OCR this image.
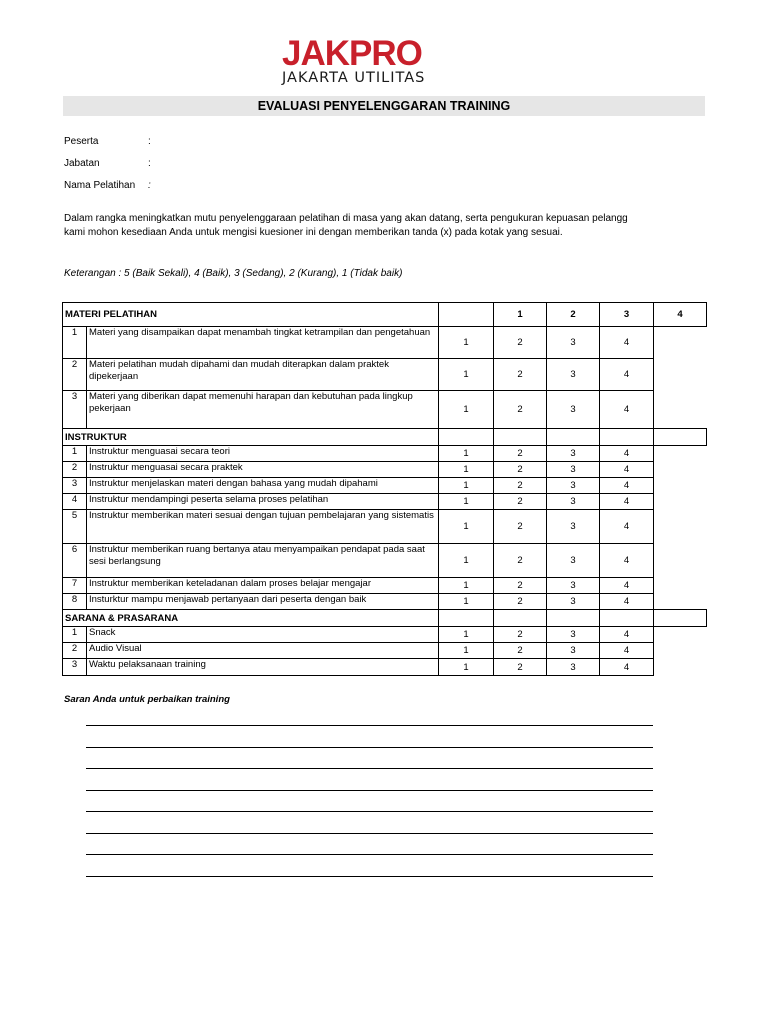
JAKPRO
JAKARTA UTILITAS
EVALUASI PENYELENGGARAN TRAINING
Peserta	:
Jabatan	:
Nama Pelatihan :
Dalam rangka meningkatkan mutu penyelenggaraan pelatihan di masa yang akan datang, serta pengukuran kepuasan pelangg
kami mohon kesediaan Anda untuk mengisi kuesioner ini dengan memberikan tanda (x) pada kotak yang sesuai.
Keterangan : 5 (Baik Sekali), 4 (Baik), 3 (Sedang), 2 (Kurang), 1 (Tidak baik)
MATERI PELATIHAN			1	2	3	4
1	Materi yang disampaikan dapat menambah tingkat ketrampilan dan pengetahuan	1	2	3	4	
2	Materi pelatihan mudah dipahami dan mudah diterapkan dalam praktek dipekerjaan	1	2	3	4	
3	Materi yang diberikan dapat memenuhi harapan dan kebutuhan pada lingkup pekerjaan	1	2	3	4	
INSTRUKTUR						
1	Instruktur menguasai secara teori	1	2	3	4	
2	Instruktur menguasai secara praktek	1	2	3	4	
3	Instruktur menjelaskan materi dengan bahasa yang mudah dipahami	1	2	3	4	
4	Instruktur mendampingi peserta selama proses pelatihan	1	2	3	4	
5	Instruktur memberikan materi sesuai dengan tujuan pembelajaran yang sistematis	1	2	3	4	
6	Instruktur memberikan ruang bertanya atau menyampaikan pendapat pada saat sesi berlangsung	1	2	3	4	
7	Instruktur memberikan keteladanan dalam proses belajar mengajar	1	2	3	4	
8	Insturktur mampu menjawab pertanyaan dari peserta dengan baik	1	2	3	4	
SARANA & PRASARANA						
1	Snack	1	2	3	4	
2	Audio Visual	1	2	3	4	
3	Waktu pelaksanaan training	1	2	3	4	
Saran Anda untuk perbaikan training
